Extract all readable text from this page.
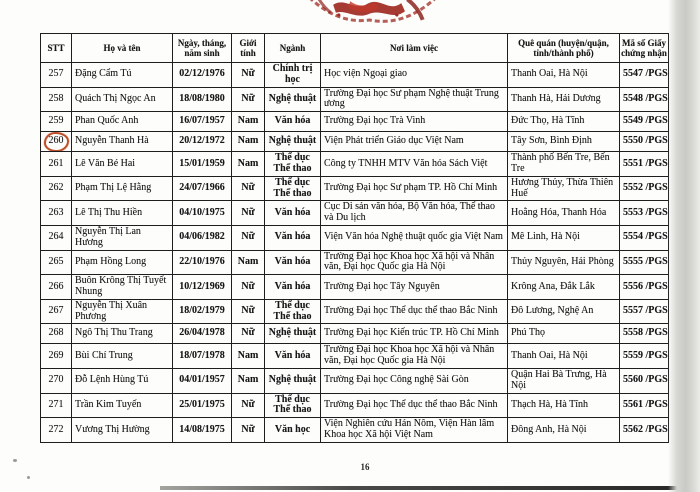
STT	Họ và tên	Ngày, tháng, năm sinh	Giới tính	Ngành	Nơi làm việc	Quê quán (huyện/quận, tỉnh/thành phố)	Mã số Giấy chứng nhận
257	Đặng Cẩm Tú	02/12/1976	Nữ	Chính trị học	Học viện Ngoại giao	Thanh Oai, Hà Nội	5547 /PGS
258	Quách Thị Ngọc An	18/08/1980	Nữ	Nghệ thuật	Trường Đại học Sư phạm Nghệ thuật Trung ương	Thanh Hà, Hải Dương	5548 /PGS
259	Phan Quốc Anh	16/07/1957	Nam	Văn hóa	Trường Đại học Trà Vinh	Đức Thọ, Hà Tĩnh	5549 /PGS
260	Nguyễn Thanh Hà	20/12/1972	Nam	Nghệ thuật	Viện Phát triển Giáo dục Việt Nam	Tây Sơn, Bình Định	5550 /PGS
261	Lê Văn Bé Hai	15/01/1959	Nam	Thể dục Thể thao	Công ty TNHH MTV Văn hóa Sách Việt	Thành phố Bến Tre, Bến Tre	5551 /PGS
262	Phạm Thị Lệ Hằng	24/07/1966	Nữ	Thể dục Thể thao	Trường Đại học Sư phạm TP. Hồ Chí Minh	Hương Thủy, Thừa Thiên Huế	5552 /PGS
263	Lê Thị Thu Hiền	04/10/1975	Nữ	Văn hóa	Cục Di sản văn hóa, Bộ Văn hóa, Thể thao và Du lịch	Hoằng Hóa, Thanh Hóa	5553 /PGS
264	Nguyễn Thị Lan Hương	04/06/1982	Nữ	Văn hóa	Viện Văn hóa Nghệ thuật quốc gia Việt Nam	Mê Linh, Hà Nội	5554 /PGS
265	Phạm Hồng Long	22/10/1976	Nam	Văn hóa	Trường Đại học Khoa học Xã hội và Nhân văn, Đại học Quốc gia Hà Nội	Thủy Nguyên, Hải Phòng	5555 /PGS
266	Buôn Krông Thị Tuyết Nhung	10/12/1969	Nữ	Văn hóa	Trường Đại học Tây Nguyên	Krông Ana, Đắk Lắk	5556 /PGS
267	Nguyễn Thị Xuân Phương	18/02/1979	Nữ	Thể dục Thể thao	Trường Đại học Thể dục thể thao Bắc Ninh	Đô Lương, Nghệ An	5557 /PGS
268	Ngô Thị Thu Trang	26/04/1978	Nữ	Nghệ thuật	Trường Đại học Kiến trúc TP. Hồ Chí Minh	Phú Thọ	5558 /PGS
269	Bùi Chí Trung	18/07/1978	Nam	Văn hóa	Trường Đại học Khoa học Xã hội và Nhân văn, Đại học Quốc gia Hà Nội	Thanh Oai, Hà Nội	5559 /PGS
270	Đỗ Lệnh Hùng Tú	04/01/1957	Nam	Nghệ thuật	Trường Đại học Công nghệ Sài Gòn	Quận Hai Bà Trưng, Hà Nội	5560 /PGS
271	Trần Kim Tuyến	25/01/1975	Nữ	Thể dục Thể thao	Trường Đại học Thể dục thể thao Bắc Ninh	Thạch Hà, Hà Tĩnh	5561 /PGS
272	Vương Thị Hường	14/08/1975	Nữ	Văn học	Viện Nghiên cứu Hán Nôm, Viện Hàn lâm Khoa học Xã hội Việt Nam	Đông Anh, Hà Nội	5562 /PGS
16
